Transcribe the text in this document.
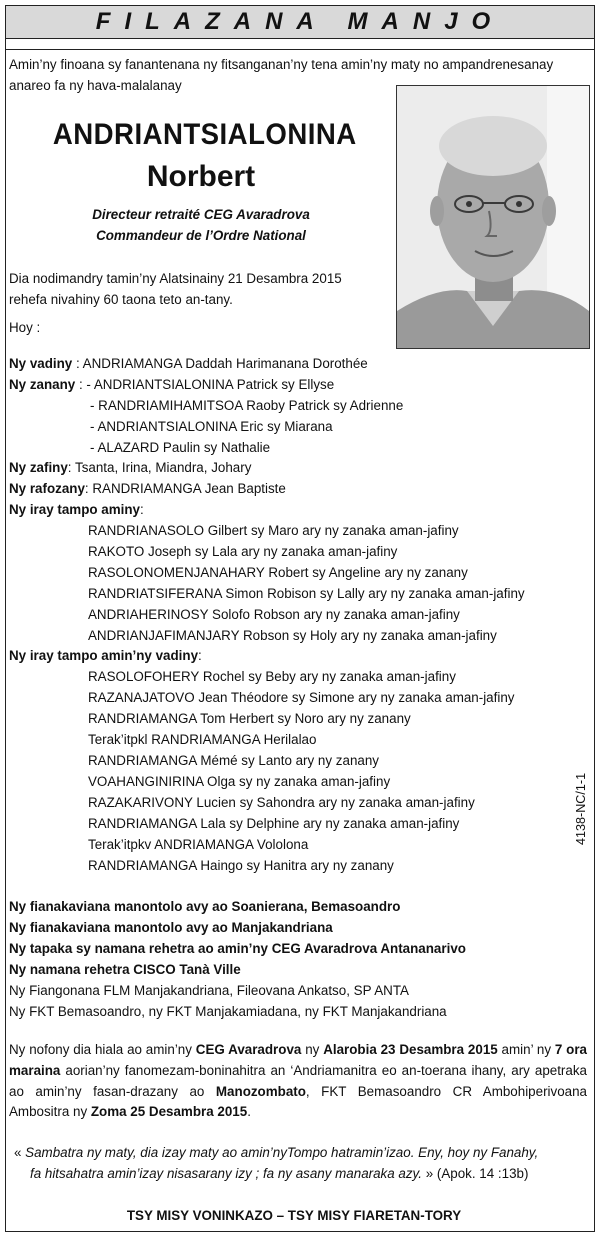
FILAZANA MANJO
Amin’ny finoana sy fanantenana ny fitsanganan’ny tena amin’ny maty no ampandrenesanay
anareo fa ny hava-malalanay
ANDRIANTSIALONINA
Norbert
Directeur retraité CEG Avaradrova
Commandeur de l’Ordre National
Dia nodimandry tamin’ny Alatsinainy 21 Desambra 2015
rehefa nivahiny 60 taona teto an-tany.
Hoy :
Ny vadiny : ANDRIAMANGA Daddah Harimanana Dorothée
Ny zanany : - ANDRIANTSIALONINA Patrick sy Ellyse
- RANDRIAMIHAMITSOA Raoby Patrick sy Adrienne
- ANDRIANTSIALONINA Eric sy Miarana
- ALAZARD Paulin sy Nathalie
Ny zafiny: Tsanta, Irina, Miandra, Johary
Ny rafozany: RANDRIAMANGA Jean Baptiste
Ny iray tampo aminy:
RANDRIANASOLO Gilbert sy Maro ary ny zanaka aman-jafiny
RAKOTO Joseph sy Lala ary ny zanaka aman-jafiny
RASOLONOMENJANAHARY Robert sy Angeline ary ny zanany
RANDRIATSIFERANA Simon Robison sy Lally ary ny zanaka aman-jafiny
ANDRIAHERINOSY Solofo Robson ary ny zanaka aman-jafiny
ANDRIANJAFIMANJARY Robson sy Holy ary ny zanaka aman-jafiny
Ny iray tampo amin’ny vadiny:
RASOLOFOHERY Rochel sy Beby ary ny zanaka aman-jafiny
RAZANAJATOVO Jean Théodore sy Simone ary ny zanaka aman-jafiny
RANDRIAMANGA Tom Herbert sy Noro ary ny zanany
Terak’itpkl RANDRIAMANGA Herilalao
RANDRIAMANGA Mémé sy Lanto ary ny zanany
VOAHANGINIRINA Olga sy ny zanaka aman-jafiny
RAZAKARIVONY Lucien sy Sahondra ary ny zanaka aman-jafiny
RANDRIAMANGA Lala sy Delphine ary ny zanaka aman-jafiny
Terak’itpkv ANDRIAMANGA Vololona
RANDRIAMANGA Haingo sy Hanitra ary ny zanany
Ny fianakaviana manontolo avy ao Soanierana, Bemasoandro
Ny fianakaviana manontolo avy ao Manjakandriana
Ny tapaka sy namana rehetra ao amin’ny CEG Avaradrova Antananarivo
Ny namana rehetra CISCO Tanà Ville
Ny Fiangonana FLM Manjakandriana, Fileovana Ankatso, SP ANTA
Ny FKT Bemasoandro, ny FKT Manjakamiadana, ny FKT Manjakandriana
Ny nofony dia hiala ao amin’ny CEG Avaradrova ny Alarobia 23 Desambra 2015 amin’ ny 7 ora maraina aorian’ny fanomezam-boninahitra an ‘Andriamanitra eo an-toerana ihany, ary apetraka ao amin’ny fasan-drazany ao Manozombato, FKT Bemasoandro CR Ambohiperivoana Ambositra ny Zoma 25 Desambra 2015.
« Sambatra ny maty, dia izay maty ao amin’nyTompo hatramin’izao. Eny, hoy ny Fanahy,
fa hitsahatra amin’izay nisasarany izy ; fa ny asany manaraka azy. » (Apok. 14 :13b)
TSY MISY VONINKAZO – TSY MISY FIARETAN-TORY
4138-NC/1-1
